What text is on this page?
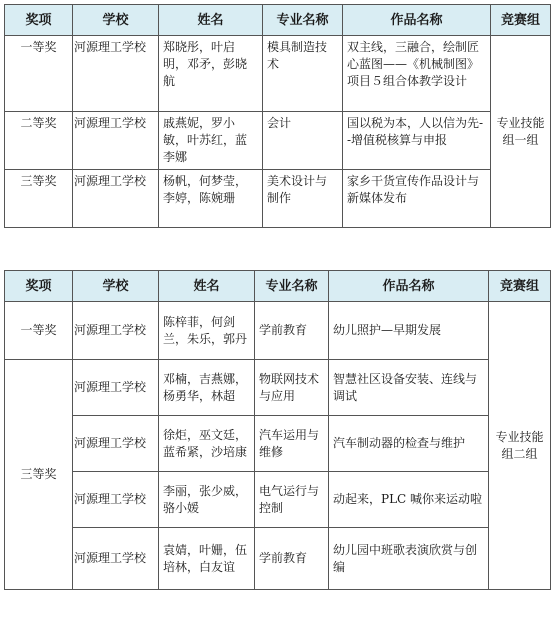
奖项	学校	姓名	专业名称	作品名称	竞赛组
一等奖	河源理工学校	郑晓彤，叶启明，邓矛，彭晓航	模具制造技术	双主线，三融合，绘制匠心蓝图——《机械制图》项目５组合体教学设计	专业技能组一组
二等奖	河源理工学校	戚燕妮，罗小敏，叶苏红，蓝李娜	会计	国以税为本，人以信为先--增值税核算与申报	
三等奖	河源理工学校	杨帆，何梦莹，李婷，陈婉珊	美术设计与制作	家乡干货宣传作品设计与新媒体发布	
奖项	学校	姓名	专业名称	作品名称	竞赛组
一等奖	河源理工学校	陈梓菲，何剑兰，朱乐，郭丹	学前教育	幼儿照护—早期发展	专业技能组二组
三等奖	河源理工学校	邓楠，吉燕娜，杨勇华，林超	物联网技术与应用	智慧社区设备安装、连线与调试	
	河源理工学校	徐炬，巫文廷，蓝希紧，沙培康	汽车运用与维修	汽车制动器的检查与维护	
	河源理工学校	李丽，张少威，骆小媛	电气运行与控制	动起来，PLC 喊你来运动啦	
	河源理工学校	袁婧，叶姗，伍培林，白友谊	学前教育	幼儿园中班歌表演欣赏与创编	
